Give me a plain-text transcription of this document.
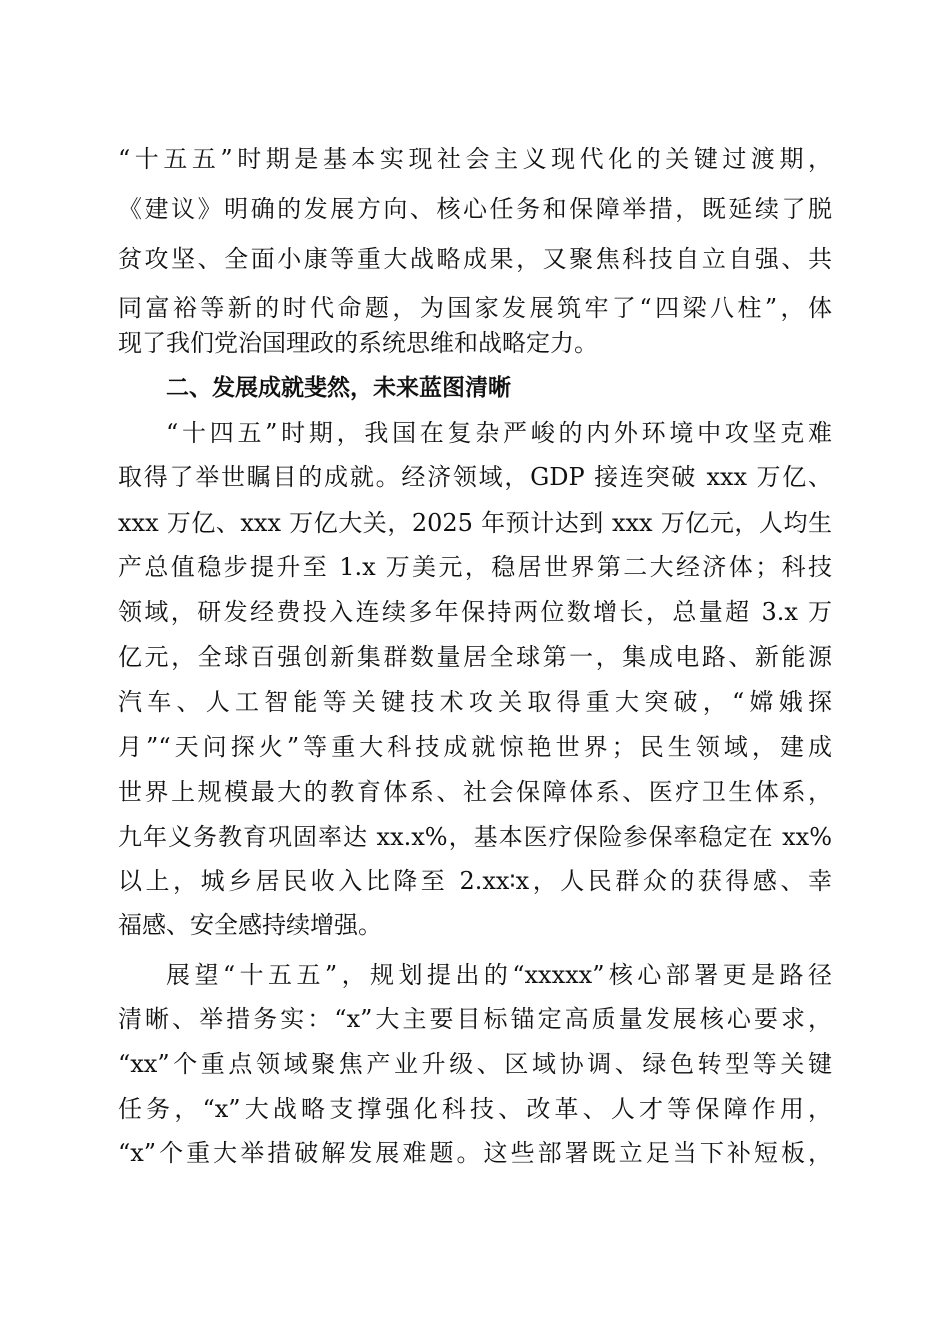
“十五五”时期是基本实现社会主义现代化的关键过渡期，
《建议》明确的发展方向、核心任务和保障举措，既延续了脱
贫攻坚、全面小康等重大战略成果，又聚焦科技自立自强、共
同富裕等新的时代命题，为国家发展筑牢了“四梁八柱”，体
现了我们党治国理政的系统思维和战略定力。
二、发展成就斐然，未来蓝图清晰
“十四五”时期，我国在复杂严峻的内外环境中攻坚克难
取得了举世瞩目的成就。经济领域，GDP 接连突破 xxx 万亿、
xxx 万亿、xxx 万亿大关，2025 年预计达到 xxx 万亿元，人均生
产总值稳步提升至 1.x 万美元，稳居世界第二大经济体；科技
领域，研发经费投入连续多年保持两位数增长，总量超 3.x 万
亿元，全球百强创新集群数量居全球第一，集成电路、新能源
汽车、人工智能等关键技术攻关取得重大突破，“嫦娥探
月”“天问探火”等重大科技成就惊艳世界；民生领域，建成
世界上规模最大的教育体系、社会保障体系、医疗卫生体系，
九年义务教育巩固率达 xx.x%，基本医疗保险参保率稳定在 xx%
以上，城乡居民收入比降至 2.xx∶x，人民群众的获得感、幸
福感、安全感持续增强。
展望“十五五”，规划提出的“xxxxx”核心部署更是路径
清晰、举措务实：“x”大主要目标锚定高质量发展核心要求，
“xx”个重点领域聚焦产业升级、区域协调、绿色转型等关键
任务，“x”大战略支撑强化科技、改革、人才等保障作用，
“x”个重大举措破解发展难题。这些部署既立足当下补短板，
